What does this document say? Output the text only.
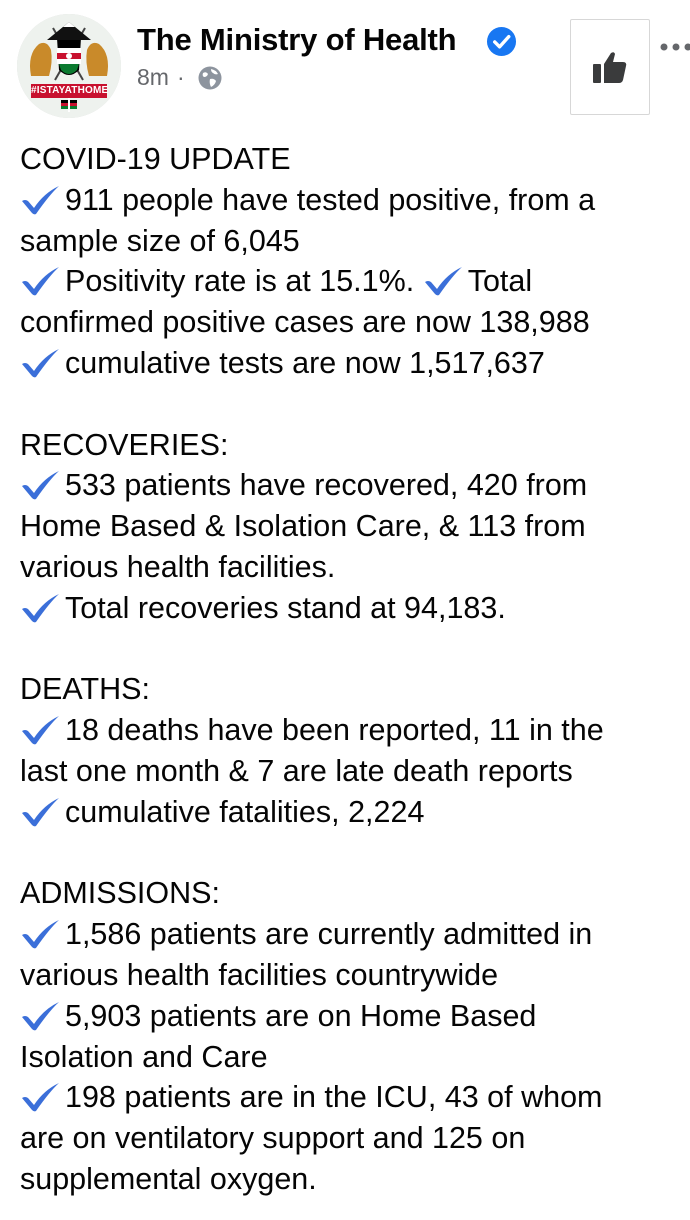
#ISTAYATHOME
The Ministry of Health
8m ·

COVID-19 UPDATE

911 people have tested positive, from a

sample size of 6,045

Positivity rate is at 15.1%. Total

confirmed positive cases are now 138,988

cumulative tests are now 1,517,637

RECOVERIES:

533 patients have recovered, 420 from

Home Based & Isolation Care, & 113 from

various health facilities.

Total recoveries stand at 94,183.

DEATHS:

18 deaths have been reported, 11 in the

last one month & 7 are late death reports

cumulative fatalities, 2,224

ADMISSIONS:

1,586 patients are currently admitted in

various health facilities countrywide

5,903 patients are on Home Based

Isolation and Care

198 patients are in the ICU, 43 of whom

are on ventilatory support and 125 on

supplemental oxygen.
